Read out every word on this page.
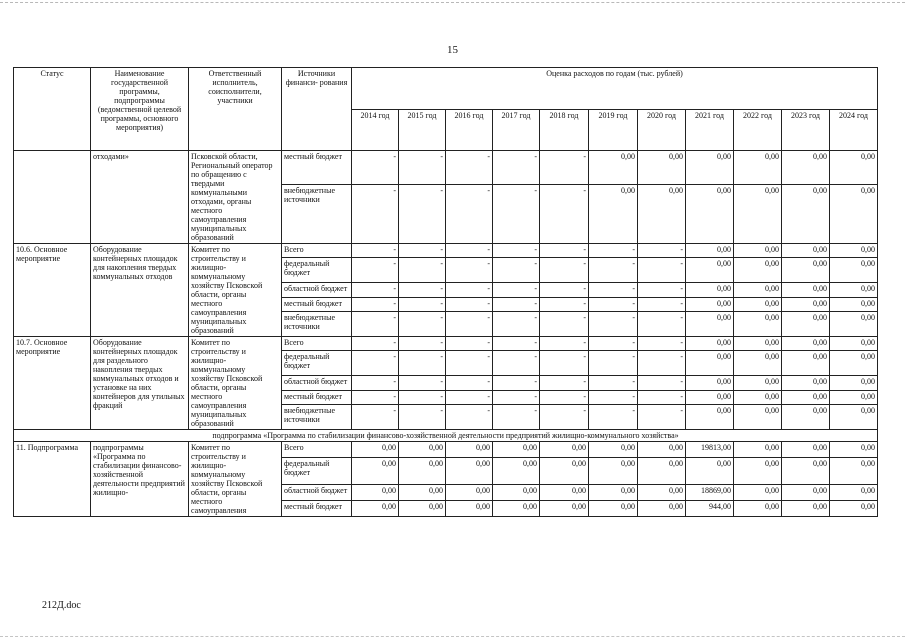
15
Статус	Наименование государственной программы, подпрограммы (ведомственной целевой программы, основного мероприятия)	Ответственный исполнитель, соисполнители, участники	Источники финанси- рования	Оценка расходов по годам (тыс. рублей)										
				2014 год	2015 год	2016 год	2017 год	2018 год	2019 год	2020 год	2021 год	2022 год	2023 год	2024 год
	отходами»	Псковской области, Региональный оператор по обращению с твердыми коммунальными отходами, органы местного самоуправления муниципальных образований	местный бюджет	-	-	-	-	-	0,00	0,00	0,00	0,00	0,00	0,00
			внебюджетные источники	-	-	-	-	-	0,00	0,00	0,00	0,00	0,00	0,00
10.6. Основное мероприятие	Оборудование контейнерных площадок для накопления твердых коммунальных отходов	Комитет по строительству и жилищно-коммунальному хозяйству Псковской области, органы местного самоуправления муниципальных образований	Всего	-	-	-	-	-	-	-	0,00	0,00	0,00	0,00
			федеральный бюджет	-	-	-	-	-	-	-	0,00	0,00	0,00	0,00
			областной бюджет	-	-	-	-	-	-	-	0,00	0,00	0,00	0,00
			местный бюджет	-	-	-	-	-	-	-	0,00	0,00	0,00	0,00
			внебюджетные источники	-	-	-	-	-	-	-	0,00	0,00	0,00	0,00
10.7. Основное мероприятие	Оборудование контейнерных площадок для раздельного накопления твердых коммунальных отходов и установке на них контейнеров для утильных фракций	Комитет по строительству и жилищно-коммунальному хозяйству Псковской области, органы местного самоуправления муниципальных образований	Всего	-	-	-	-	-	-	-	0,00	0,00	0,00	0,00
			федеральный бюджет	-	-	-	-	-	-	-	0,00	0,00	0,00	0,00
			областной бюджет	-	-	-	-	-	-	-	0,00	0,00	0,00	0,00
			местный бюджет	-	-	-	-	-	-	-	0,00	0,00	0,00	0,00
			внебюджетные источники	-	-	-	-	-	-	-	0,00	0,00	0,00	0,00
подпрограмма «Программа по стабилизации финансово-хозяйственной деятельности предприятий жилищно-коммунального хозяйства»														
11. Подпрограмма	подпрограммы «Программа по стабилизации финансово-хозяйственной деятельности предприятий жилищно-	Комитет по строительству и жилищно-коммунальному хозяйству Псковской области, органы местного самоуправления	Всего	0,00	0,00	0,00	0,00	0,00	0,00	0,00	19813,00	0,00	0,00	0,00
			федеральный бюджет	0,00	0,00	0,00	0,00	0,00	0,00	0,00	0,00	0,00	0,00	0,00
			областной бюджет	0,00	0,00	0,00	0,00	0,00	0,00	0,00	18869,00	0,00	0,00	0,00
			местный бюджет	0,00	0,00	0,00	0,00	0,00	0,00	0,00	944,00	0,00	0,00	0,00
212Д.doc
